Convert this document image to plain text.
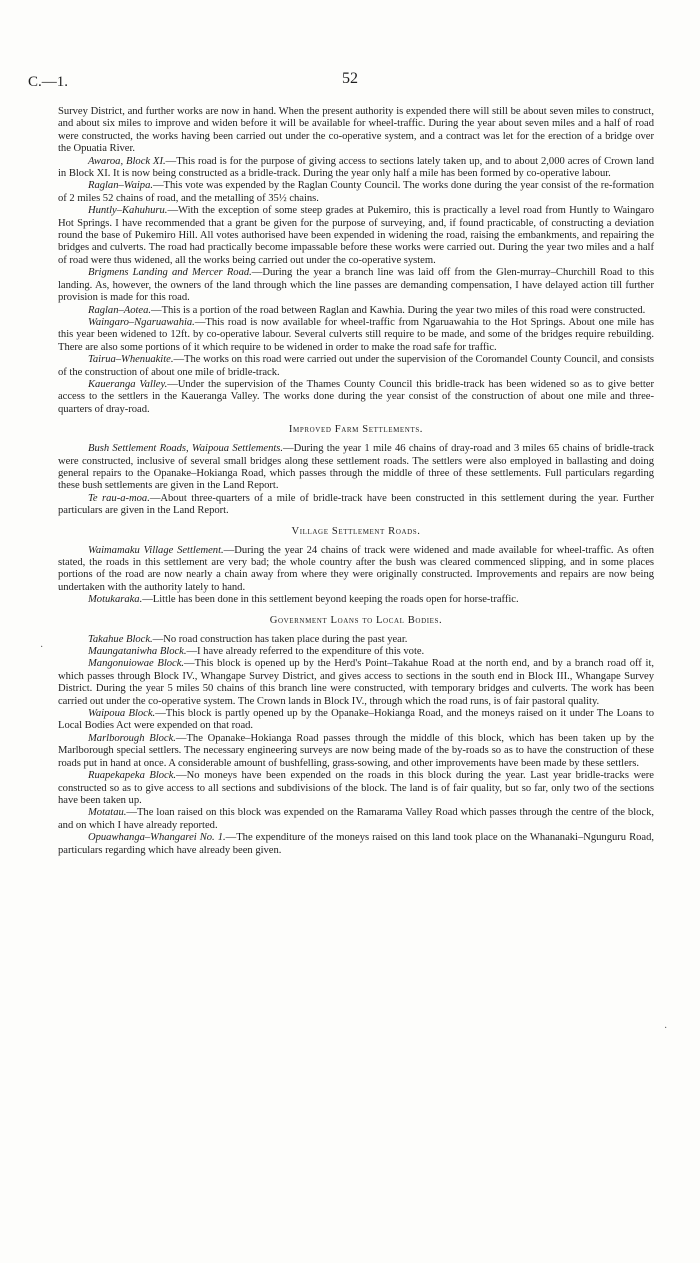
C.—1.	52
·
·

Survey District, and further works are now in hand. When the present authority is expended there will still be about seven miles to construct, and about six miles to improve and widen before it will be available for wheel-traffic. During the year about seven miles and a half of road were constructed, the works having been carried out under the co-operative system, and a contract was let for the erection of a bridge over the Opuatia River.

Awaroa, Block XI.—This road is for the purpose of giving access to sections lately taken up, and to about 2,000 acres of Crown land in Block XI. It is now being constructed as a bridle-track. During the year only half a mile has been formed by co-operative labour.

Raglan–Waipa.—This vote was expended by the Raglan County Council. The works done during the year consist of the re-formation of 2 miles 52 chains of road, and the metalling of 35½ chains.

Huntly–Kahuhuru.—With the exception of some steep grades at Pukemiro, this is practically a level road from Huntly to Waingaro Hot Springs. I have recommended that a grant be given for the purpose of surveying, and, if found practicable, of constructing a deviation round the base of Pukemiro Hill. All votes authorised have been expended in widening the road, raising the embankments, and repairing the bridges and culverts. The road had practically become impassable before these works were carried out. During the year two miles and a half of road were thus widened, all the works being carried out under the co-operative system.

Brigmens Landing and Mercer Road.—During the year a branch line was laid off from the Glen-murray–Churchill Road to this landing. As, however, the owners of the land through which the line passes are demanding compensation, I have delayed action till further provision is made for this road.

Raglan–Aotea.—This is a portion of the road between Raglan and Kawhia. During the year two miles of this road were constructed.

Waingaro–Ngaruawahia.—This road is now available for wheel-traffic from Ngaruawahia to the Hot Springs. About one mile has this year been widened to 12ft. by co-operative labour. Several culverts still require to be made, and some of the bridges require rebuilding. There are also some portions of it which require to be widened in order to make the road safe for traffic.

Tairua–Whenuakite.—The works on this road were carried out under the supervision of the Coromandel County Council, and consists of the construction of about one mile of bridle-track.

Kaueranga Valley.—Under the supervision of the Thames County Council this bridle-track has been widened so as to give better access to the settlers in the Kaueranga Valley. The works done during the year consist of the construction of about one mile and three-quarters of dray-road.

Improved Farm Settlements.

Bush Settlement Roads, Waipoua Settlements.—During the year 1 mile 46 chains of dray-road and 3 miles 65 chains of bridle-track were constructed, inclusive of several small bridges along these settlement roads. The settlers were also employed in ballasting and doing general repairs to the Opanake–Hokianga Road, which passes through the middle of three of these settlements. Full particulars regarding these bush settlements are given in the Land Report.

Te rau-a-moa.—About three-quarters of a mile of bridle-track have been constructed in this settlement during the year. Further particulars are given in the Land Report.

Village Settlement Roads.

Waimamaku Village Settlement.—During the year 24 chains of track were widened and made available for wheel-traffic. As often stated, the roads in this settlement are very bad; the whole country after the bush was cleared commenced slipping, and in some places portions of the road are now nearly a chain away from where they were originally constructed. Improvements and repairs are now being undertaken with the authority lately to hand.

Motukaraka.—Little has been done in this settlement beyond keeping the roads open for horse-traffic.

Government Loans to Local Bodies.

Takahue Block.—No road construction has taken place during the past year.

Maungataniwha Block.—I have already referred to the expenditure of this vote.

Mangonuiowae Block.—This block is opened up by the Herd's Point–Takahue Road at the north end, and by a branch road off it, which passes through Block IV., Whangape Survey District, and gives access to sections in the south end in Block III., Whangape Survey District. During the year 5 miles 50 chains of this branch line were constructed, with temporary bridges and culverts. The work has been carried out under the co-operative system. The Crown lands in Block IV., through which the road runs, is of fair pastoral quality.

Waipoua Block.—This block is partly opened up by the Opanake–Hokianga Road, and the moneys raised on it under The Loans to Local Bodies Act were expended on that road.

Marlborough Block.—The Opanake–Hokianga Road passes through the middle of this block, which has been taken up by the Marlborough special settlers. The necessary engineering surveys are now being made of the by-roads so as to have the construction of these roads put in hand at once. A considerable amount of bushfelling, grass-sowing, and other improvements have been made by these settlers.

Ruapekapeka Block.—No moneys have been expended on the roads in this block during the year. Last year bridle-tracks were constructed so as to give access to all sections and subdivisions of the block. The land is of fair quality, but so far, only two of the sections have been taken up.

Motatau.—The loan raised on this block was expended on the Ramarama Valley Road which passes through the centre of the block, and on which I have already reported.

Opuawhanga–Whangarei No. 1.—The expenditure of the moneys raised on this land took place on the Whananaki–Ngunguru Road, particulars regarding which have already been given.
